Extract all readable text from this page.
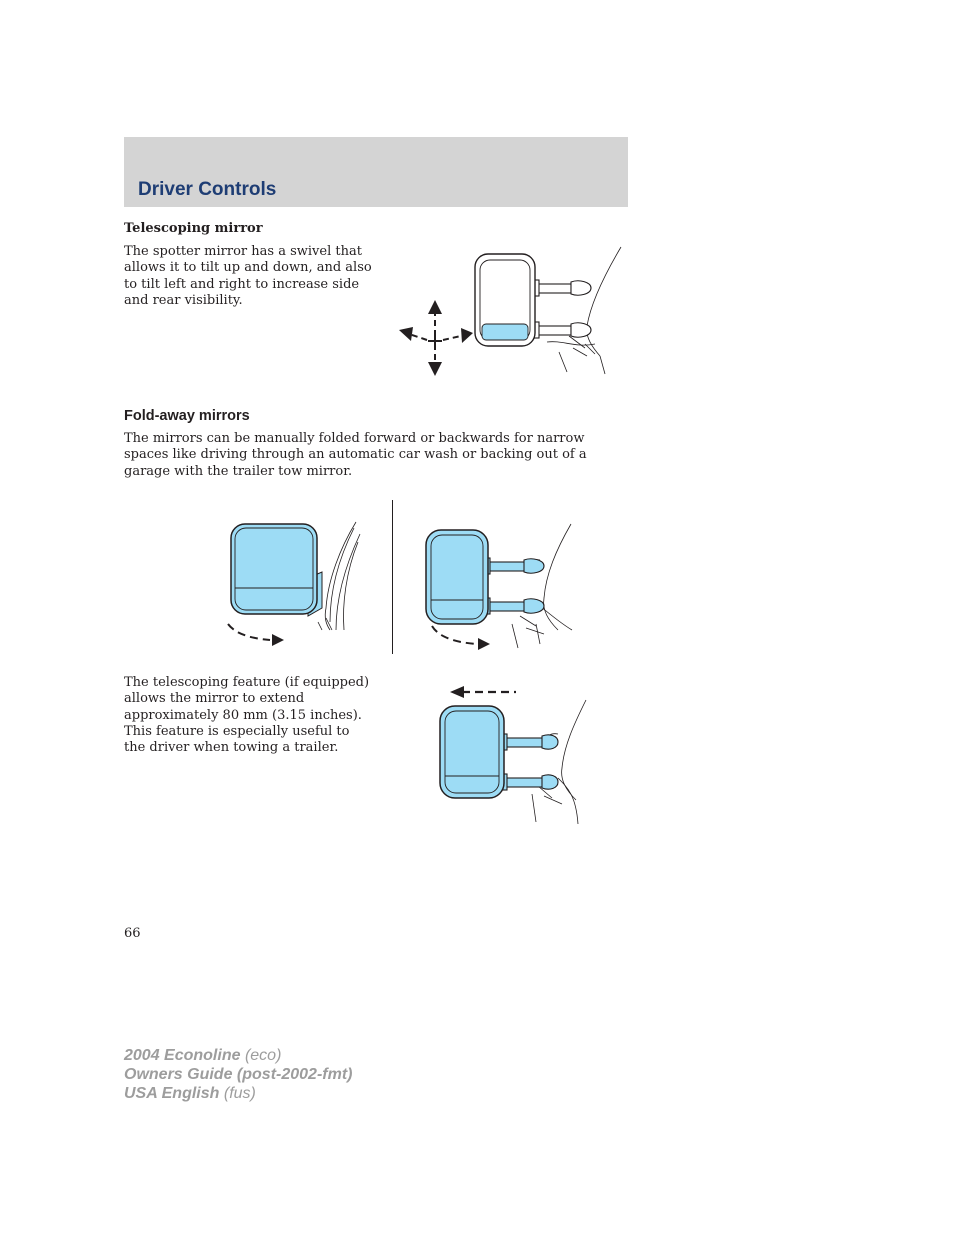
Driver Controls
Telescoping mirror

The spotter mirror has a swivel that allows it to tilt up and down, and also to tilt left and right to increase side and rear visibility.

Fold-away mirrors

The mirrors can be manually folded forward or backwards for narrow spaces like driving through an automatic car wash or backing out of a garage with the trailer tow mirror.

The telescoping feature (if equipped) allows the mirror to extend approximately 80 mm (3.15 inches). This feature is especially useful to the driver when towing a trailer.

66

2004 Econoline (eco)
Owners Guide (post-2002-fmt)
USA English (fus)
